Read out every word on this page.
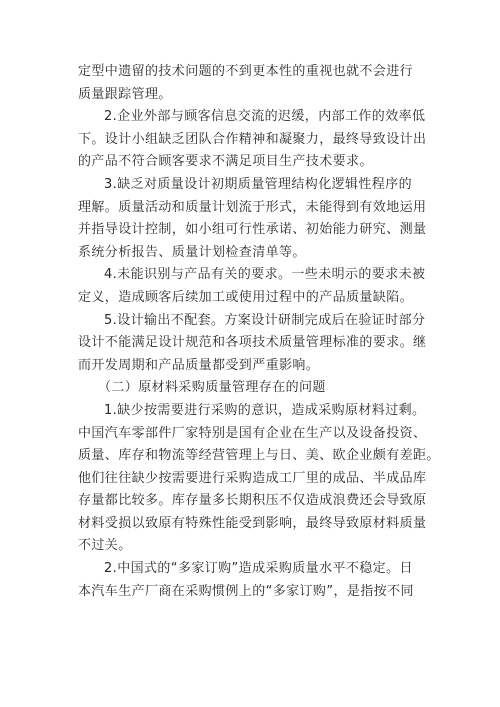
定型中遗留的技术问题的不到更本性的重视也就不会进行
质量跟踪管理。
2.企业外部与顾客信息交流的迟缓，内部工作的效率低
下。设计小组缺乏团队合作精神和凝聚力，最终导致设计出
的产品不符合顾客要求不满足项目生产技术要求。
3.缺乏对质量设计初期质量管理结构化逻辑性程序的
理解。质量活动和质量计划流于形式，未能得到有效地运用
并指导设计控制，如小组可行性承诺、初始能力研究、测量
系统分析报告、质量计划检查清单等。
4.未能识别与产品有关的要求。一些未明示的要求未被
定义，造成顾客后续加工或使用过程中的产品质量缺陷。
5.设计输出不配套。方案设计研制完成后在验证时部分
设计不能满足设计规范和各项技术质量管理标准的要求。继
而开发周期和产品质量都受到严重影响。
（二）原材料采购质量管理存在的问题
1.缺少按需要进行采购的意识，造成采购原材料过剩。
中国汽车零部件厂家特别是国有企业在生产以及设备投资、
质量、库存和物流等经营管理上与日、美、欧企业颇有差距。
他们往往缺少按需要进行采购造成工厂里的成品、半成品库
存量都比较多。库存量多长期积压不仅造成浪费还会导致原
材料受损以致原有特殊性能受到影响，最终导致原材料质量
不过关。
2.中国式的“多家订购”造成采购质量水平不稳定。日
本汽车生产厂商在采购惯例上的“多家订购”，是指按不同
